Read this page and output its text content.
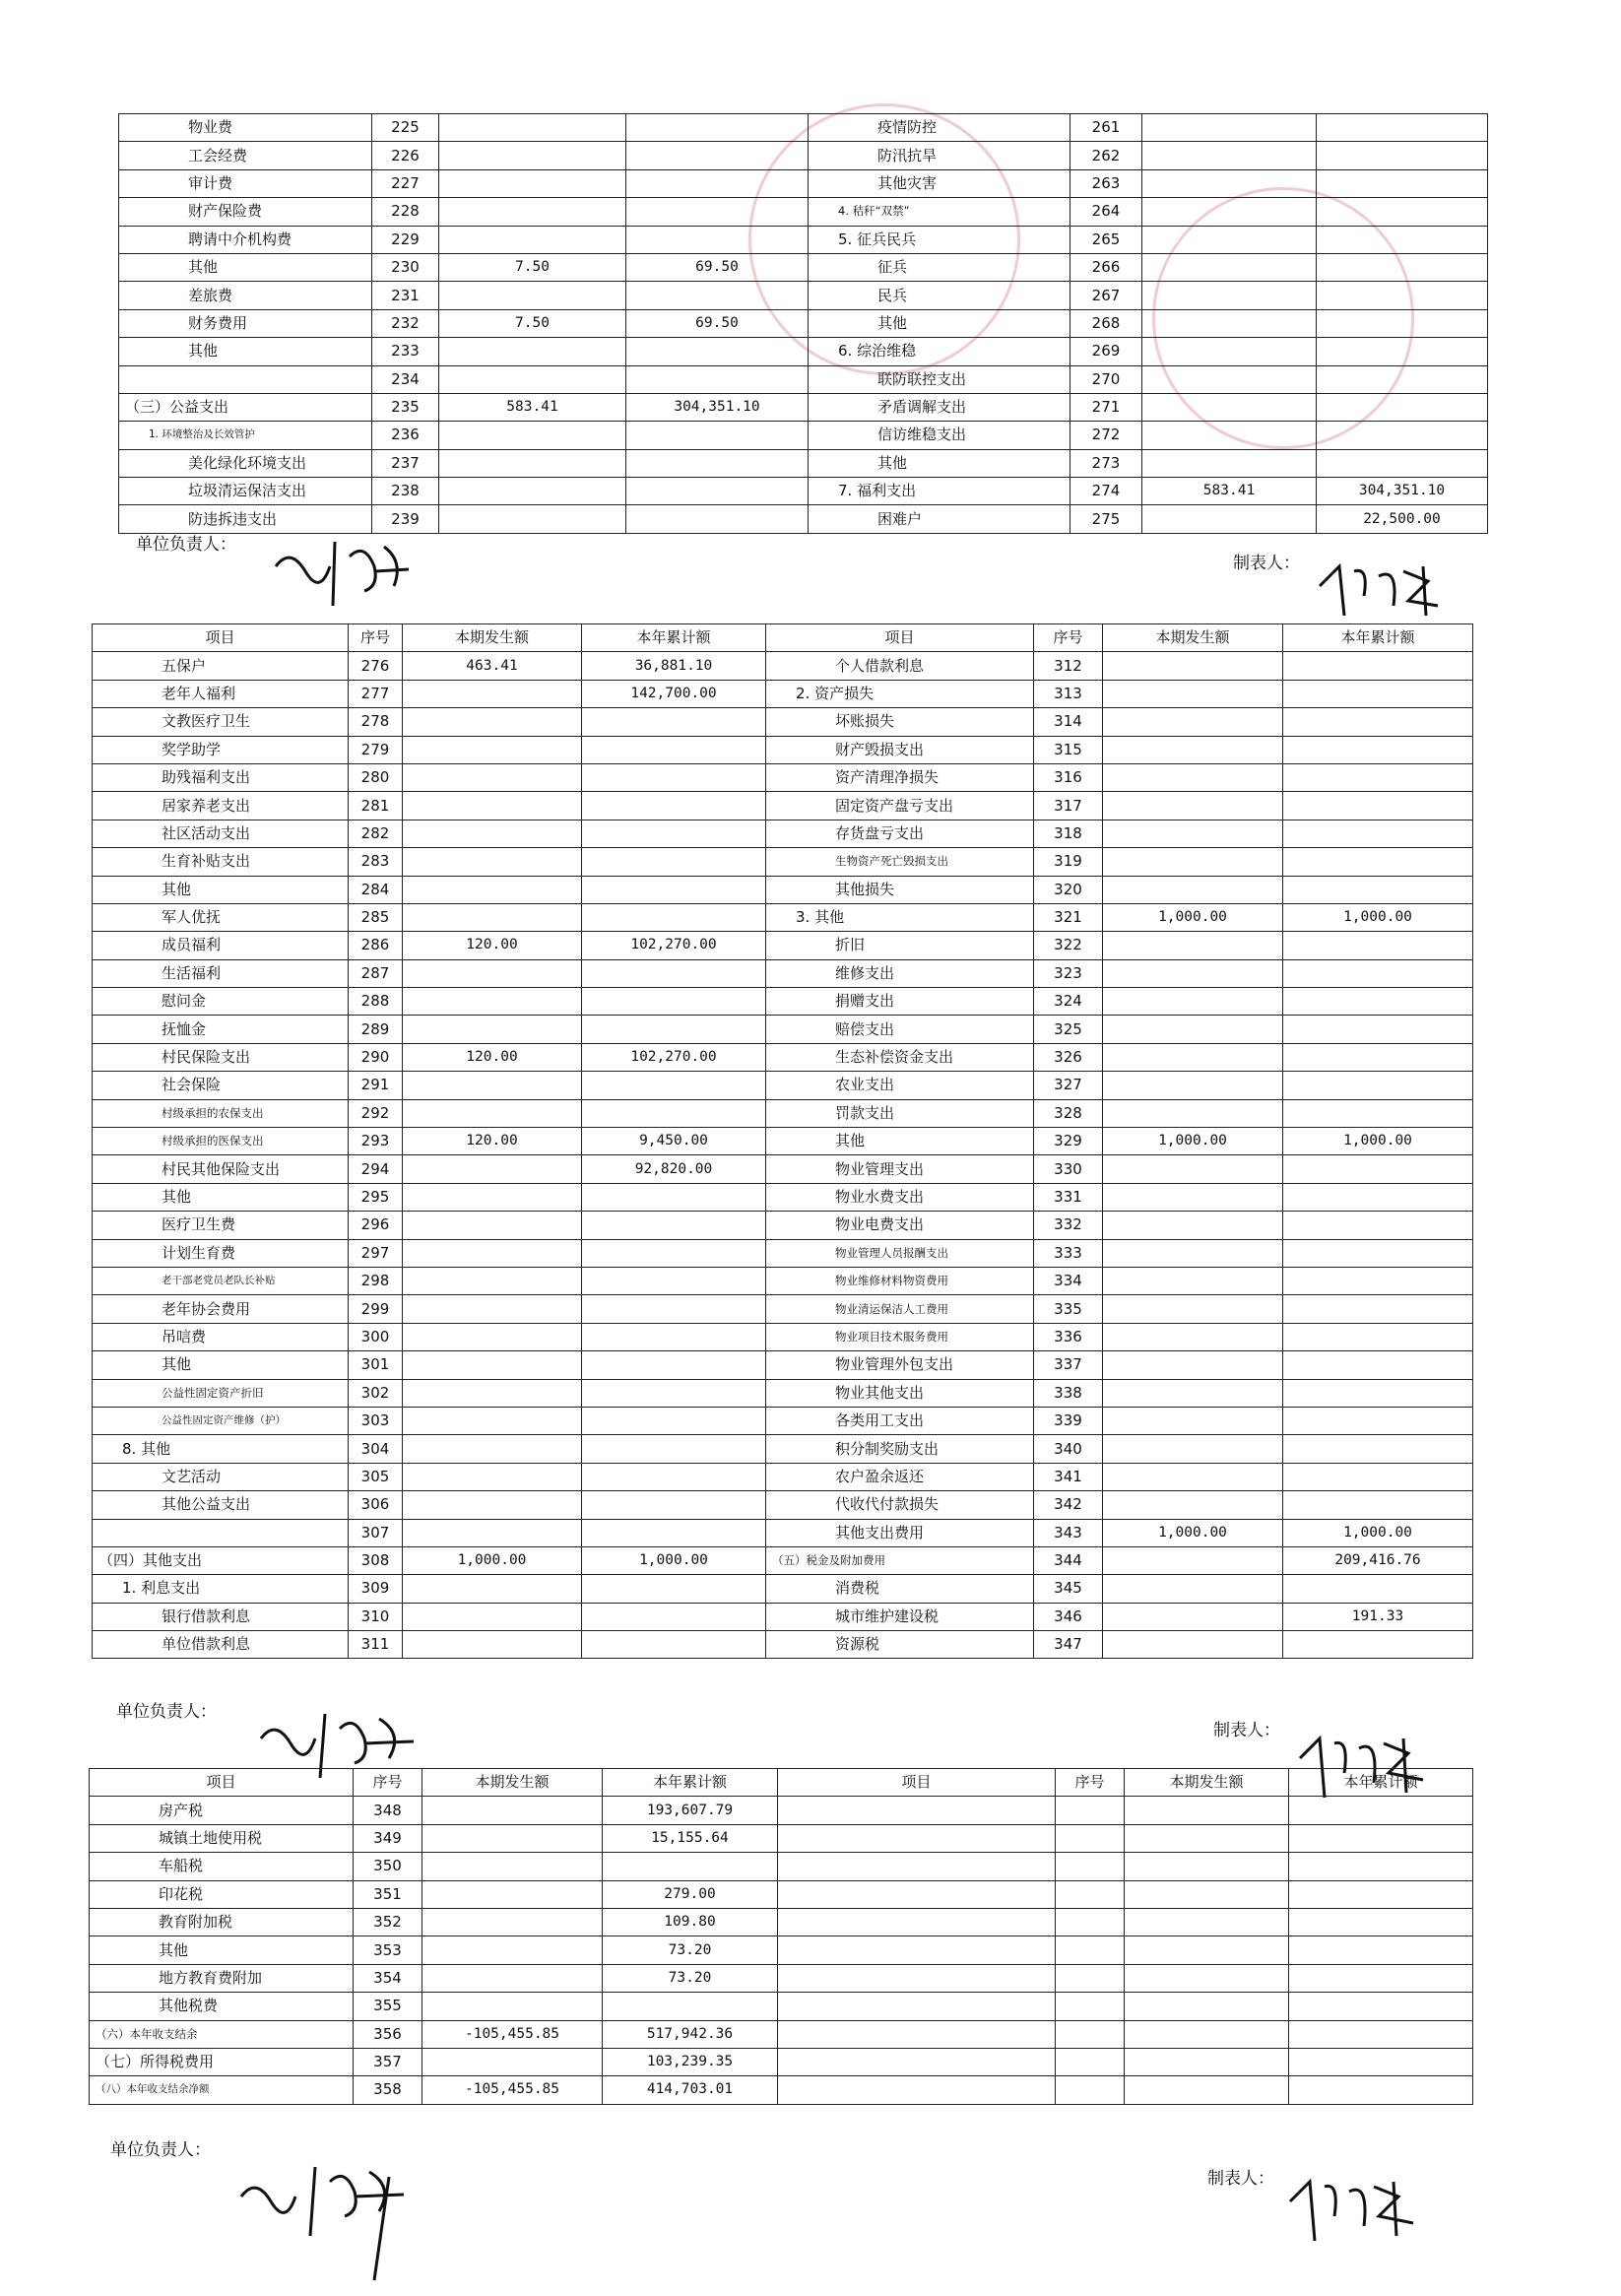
物业费	225			疫情防控	261		
工会经费	226			防汛抗旱	262		
审计费	227			其他灾害	263		
财产保险费	228			4. 秸秆“双禁”	264		
聘请中介机构费	229			5. 征兵民兵	265		
其他	230	7.50	69.50	征兵	266		
差旅费	231			民兵	267		
财务费用	232	7.50	69.50	其他	268		
其他	233			6. 综治维稳	269		
	234			联防联控支出	270		
（三）公益支出	235	583.41	304,351.10	矛盾调解支出	271		
1. 环境整治及长效管护	236			信访维稳支出	272		
美化绿化环境支出	237			其他	273		
垃圾清运保洁支出	238			7. 福利支出	274	583.41	304,351.10
防违拆违支出	239			困难户	275		22,500.00
单位负责人：
制表人：
项目	序号	本期发生额	本年累计额	项目	序号	本期发生额	本年累计额
五保户	276	463.41	36,881.10	个人借款利息	312		
老年人福利	277		142,700.00	2. 资产损失	313		
文教医疗卫生	278			坏账损失	314		
奖学助学	279			财产毁损支出	315		
助残福利支出	280			资产清理净损失	316		
居家养老支出	281			固定资产盘亏支出	317		
社区活动支出	282			存货盘亏支出	318		
生育补贴支出	283			生物资产死亡毁损支出	319		
其他	284			其他损失	320		
军人优抚	285			3. 其他	321	1,000.00	1,000.00
成员福利	286	120.00	102,270.00	折旧	322		
生活福利	287			维修支出	323		
慰问金	288			捐赠支出	324		
抚恤金	289			赔偿支出	325		
村民保险支出	290	120.00	102,270.00	生态补偿资金支出	326		
社会保险	291			农业支出	327		
村级承担的农保支出	292			罚款支出	328		
村级承担的医保支出	293	120.00	9,450.00	其他	329	1,000.00	1,000.00
村民其他保险支出	294		92,820.00	物业管理支出	330		
其他	295			物业水费支出	331		
医疗卫生费	296			物业电费支出	332		
计划生育费	297			物业管理人员报酬支出	333		
老干部老党员老队长补贴	298			物业维修材料物资费用	334		
老年协会费用	299			物业清运保洁人工费用	335		
吊唁费	300			物业项目技术服务费用	336		
其他	301			物业管理外包支出	337		
公益性固定资产折旧	302			物业其他支出	338		
公益性固定资产维修（护）	303			各类用工支出	339		
8. 其他	304			积分制奖励支出	340		
文艺活动	305			农户盈余返还	341		
其他公益支出	306			代收代付款损失	342		
	307			其他支出费用	343	1,000.00	1,000.00
（四）其他支出	308	1,000.00	1,000.00	（五）税金及附加费用	344		209,416.76
1. 利息支出	309			消费税	345		
银行借款利息	310			城市维护建设税	346		191.33
单位借款利息	311			资源税	347		
单位负责人：
制表人：
项目	序号	本期发生额	本年累计额	项目	序号	本期发生额	本年累计额
房产税	348		193,607.79				
城镇土地使用税	349		15,155.64				
车船税	350						
印花税	351		279.00				
教育附加税	352		109.80				
其他	353		73.20				
地方教育费附加	354		73.20				
其他税费	355						
（六）本年收支结余	356	-105,455.85	517,942.36				
（七）所得税费用	357		103,239.35				
（八）本年收支结余净额	358	-105,455.85	414,703.01				
单位负责人：
制表人：
